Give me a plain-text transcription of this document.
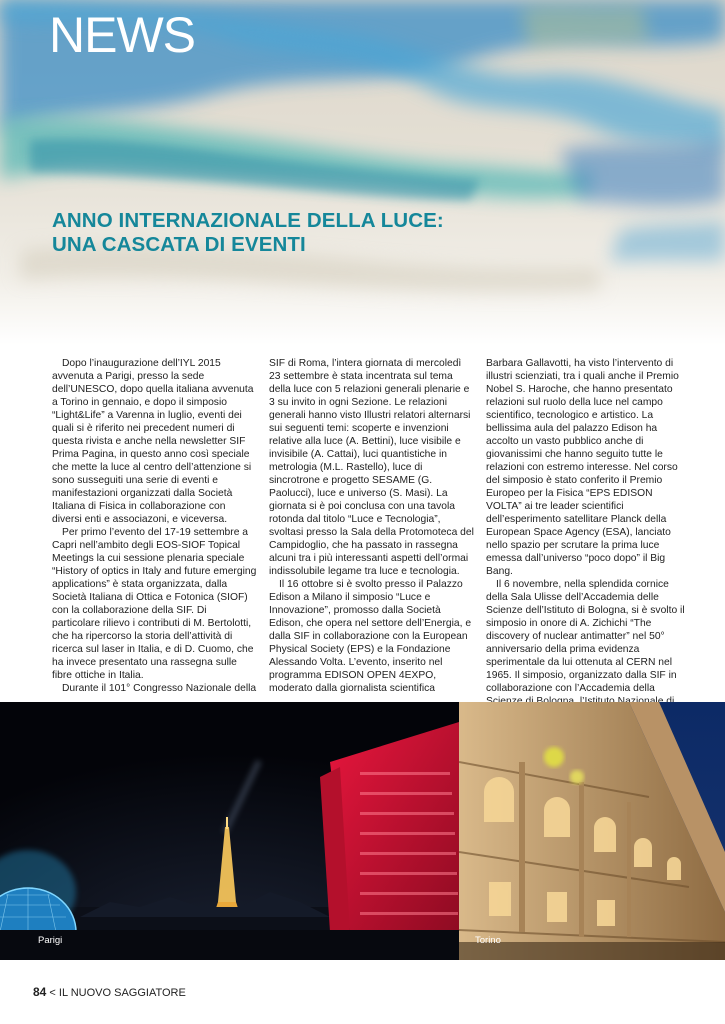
NEWS
ANNO INTERNAZIONALE DELLA LUCE:
UNA CASCATA DI EVENTI

Dopo l’inaugurazione dell’IYL 2015 avvenuta a Parigi, presso la sede dell’UNESCO, dopo quella italiana avvenuta a Torino in gennaio, e dopo il simposio “Light&Life” a Varenna in luglio, eventi dei quali si è riferito nei precedent numeri di questa rivista e anche nella newsletter SIF Prima Pagina, in questo anno così speciale che mette la luce al centro dell’attenzione si sono susseguiti una serie di eventi e manifestazioni organizzati dalla Società Italiana di Fisica in collaborazione con diversi enti e associazoni, e viceversa.

Per primo l’evento del 17-19 settembre a Capri nell’ambito degli EOS-SIOF Topical Meetings la cui sessione plenaria speciale “History of optics in Italy and future emerging applications” è stata organizzata, dalla Società Italiana di Ottica e Fotonica (SIOF) con la collaborazione della SIF. Di particolare rilievo i contributi di M. Bertolotti, che ha ripercorso la storia dell’attività di ricerca sul laser in Italia, e di D. Cuomo, che ha invece presentato una rassegna sulle fibre ottiche in Italia.

Durante il 101° Congresso Nazionale della

SIF di Roma, l’intera giornata di mercoledì 23 settembre è stata incentrata sul tema della luce con 5 relazioni generali plenarie e 3 su invito in ogni Sezione. Le relazioni generali hanno visto Illustri relatori alternarsi sui seguenti temi: scoperte e invenzioni relative alla luce (A. Bettini), luce visibile e invisibile (A. Cattai), luci quantistiche in metrologia (M.L. Rastello), luce di sincrotrone e progetto SESAME (G. Paolucci), luce e universo (S. Masi). La giornata si è poi conclusa con una tavola rotonda dal titolo “Luce e Tecnologia”, svoltasi presso la Sala della Protomoteca del Campidoglio, che ha passato in rassegna alcuni tra i più interessanti aspetti dell’ormai indissolubile legame tra luce e tecnologia.

Il 16 ottobre si è svolto presso il Palazzo Edison a Milano il simposio “Luce e Innovazione”, promosso dalla Società Edison, che opera nel settore dell’Energia, e dalla SIF in collaborazione con la European Physical Society (EPS) e la Fondazione Alessando Volta. L’evento, inserito nel programma EDISON OPEN 4EXPO, moderato dalla giornalista scientifica

Barbara Gallavotti, ha visto l’intervento di illustri scienziati, tra i quali anche il Premio Nobel S. Haroche, che hanno presentato relazioni sul ruolo della luce nel campo scientifico, tecnologico e artistico. La bellissima aula del palazzo Edison ha accolto un vasto pubblico anche di giovanissimi che hanno seguito tutte le relazioni con estremo interesse. Nel corso del simposio è stato conferito il Premio Europeo per la Fisica “EPS EDISON VOLTA” ai tre leader scientifici dell’esperimento satellitare Planck della European Space Agency (ESA), lanciato nello spazio per scrutare la prima luce emessa dall’universo “poco dopo” il Big Bang.

Il 6 novembre, nella splendida cornice della Sala Ulisse dell’Accademia delle Scienze dell’Istituto di Bologna, si è svolto il simposio in onore di A. Zichichi “The discovery of nuclear antimatter” nel 50° anniversario della prima evidenza sperimentale da lui ottenuta al CERN nel 1965. Il simposio, organizzato dalla SIF in collaborazione con l’Accademia della

Parigi	Torino
84 < IL NUOVO SAGGIATORE
